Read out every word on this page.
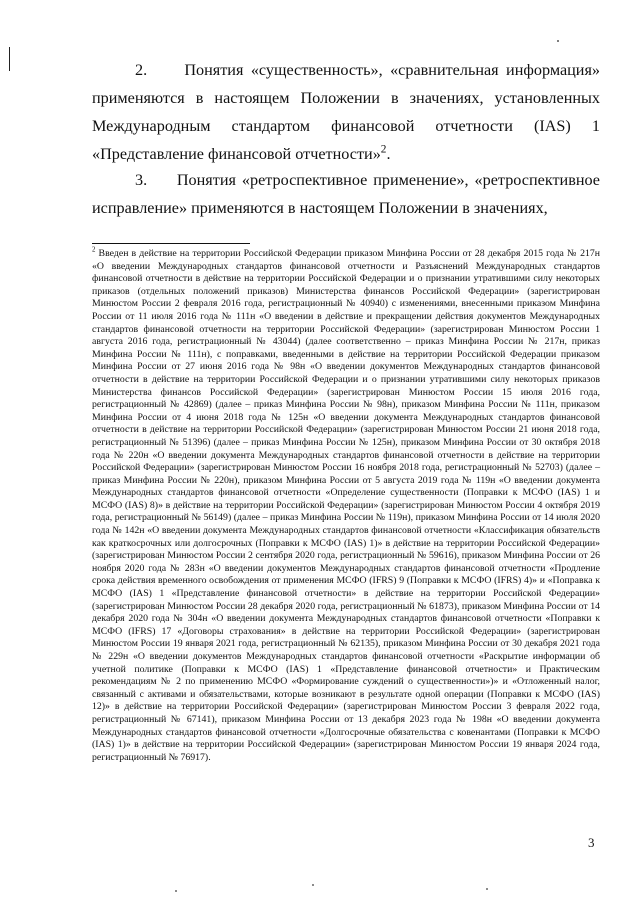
2. Понятия «существенность», «сравнительная информация» применяются в настоящем Положении в значениях, установленных Международным стандартом финансовой отчетности (IAS) 1 «Представление финансовой отчетности»$^2$.

3. Понятия «ретроспективное применение», «ретроспективное исправление» применяются в настоящем Положении в значениях,

$^2$ Введен в действие на территории Российской Федерации приказом Минфина России от 28 декабря 2015 года № 217н «О введении Международных стандартов финансовой отчетности и Разъяснений Международных стандартов финансовой отчетности в действие на территории Российской Федерации и о признании утратившими силу некоторых приказов (отдельных положений приказов) Министерства финансов Российской Федерации» (зарегистрирован Минюстом России 2 февраля 2016 года, регистрационный № 40940) с изменениями, внесенными приказом Минфина России от 11 июля 2016 года № 111н «О введении в действие и прекращении действия документов Международных стандартов финансовой отчетности на территории Российской Федерации» (зарегистрирован Минюстом России 1 августа 2016 года, регистрационный № 43044) (далее соответственно – приказ Минфина России № 217н, приказ Минфина России № 111н), с поправками, введенными в действие на территории Российской Федерации приказом Минфина России от 27 июня 2016 года № 98н «О введении документов Международных стандартов финансовой отчетности в действие на территории Российской Федерации и о признании утратившими силу некоторых приказов Министерства финансов Российской Федерации» (зарегистрирован Минюстом России 15 июля 2016 года, регистрационный № 42869) (далее – приказ Минфина России № 98н), приказом Минфина России № 111н, приказом Минфина России от 4 июня 2018 года № 125н «О введении документа Международных стандартов финансовой отчетности в действие на территории Российской Федерации» (зарегистрирован Минюстом России 21 июня 2018 года, регистрационный № 51396) (далее – приказ Минфина России № 125н), приказом Минфина России от 30 октября 2018 года № 220н «О введении документа Международных стандартов финансовой отчетности в действие на территории Российской Федерации» (зарегистрирован Минюстом России 16 ноября 2018 года, регистрационный № 52703) (далее – приказ Минфина России № 220н), приказом Минфина России от 5 августа 2019 года № 119н «О введении документа Международных стандартов финансовой отчетности «Определение существенности (Поправки к МСФО (IAS) 1 и МСФО (IAS) 8)» в действие на территории Российской Федерации» (зарегистрирован Минюстом России 4 октября 2019 года, регистрационный № 56149) (далее – приказ Минфина России № 119н), приказом Минфина России от 14 июля 2020 года № 142н «О введении документа Международных стандартов финансовой отчетности «Классификация обязательств как краткосрочных или долгосрочных (Поправки к МСФО (IAS) 1)» в действие на территории Российской Федерации» (зарегистрирован Минюстом России 2 сентября 2020 года, регистрационный № 59616), приказом Минфина России от 26 ноября 2020 года № 283н «О введении документов Международных стандартов финансовой отчетности «Продление срока действия временного освобождения от применения МСФО (IFRS) 9 (Поправки к МСФО (IFRS) 4)» и «Поправка к МСФО (IAS) 1 «Представление финансовой отчетности» в действие на территории Российской Федерации» (зарегистрирован Минюстом России 28 декабря 2020 года, регистрационный № 61873), приказом Минфина России от 14 декабря 2020 года № 304н «О введении документа Международных стандартов финансовой отчетности «Поправки к МСФО (IFRS) 17 «Договоры страхования» в действие на территории Российской Федерации» (зарегистрирован Минюстом России 19 января 2021 года, регистрационный № 62135), приказом Минфина России от 30 декабря 2021 года № 229н «О введении документов Международных стандартов финансовой отчетности «Раскрытие информации об учетной политике (Поправки к МСФО (IAS) 1 «Представление финансовой отчетности» и Практическим рекомендациям № 2 по применению МСФО «Формирование суждений о существенности»)» и «Отложенный налог, связанный с активами и обязательствами, которые возникают в результате одной операции (Поправки к МСФО (IAS) 12)» в действие на территории Российской Федерации» (зарегистрирован Минюстом России 3 февраля 2022 года, регистрационный № 67141), приказом Минфина России от 13 декабря 2023 года № 198н «О введении документа Международных стандартов финансовой отчетности «Долгосрочные обязательства с ковенантами (Поправки к МСФО (IAS) 1)» в действие на территории Российской Федерации» (зарегистрирован Минюстом России 19 января 2024 года, регистрационный № 76917).

3
